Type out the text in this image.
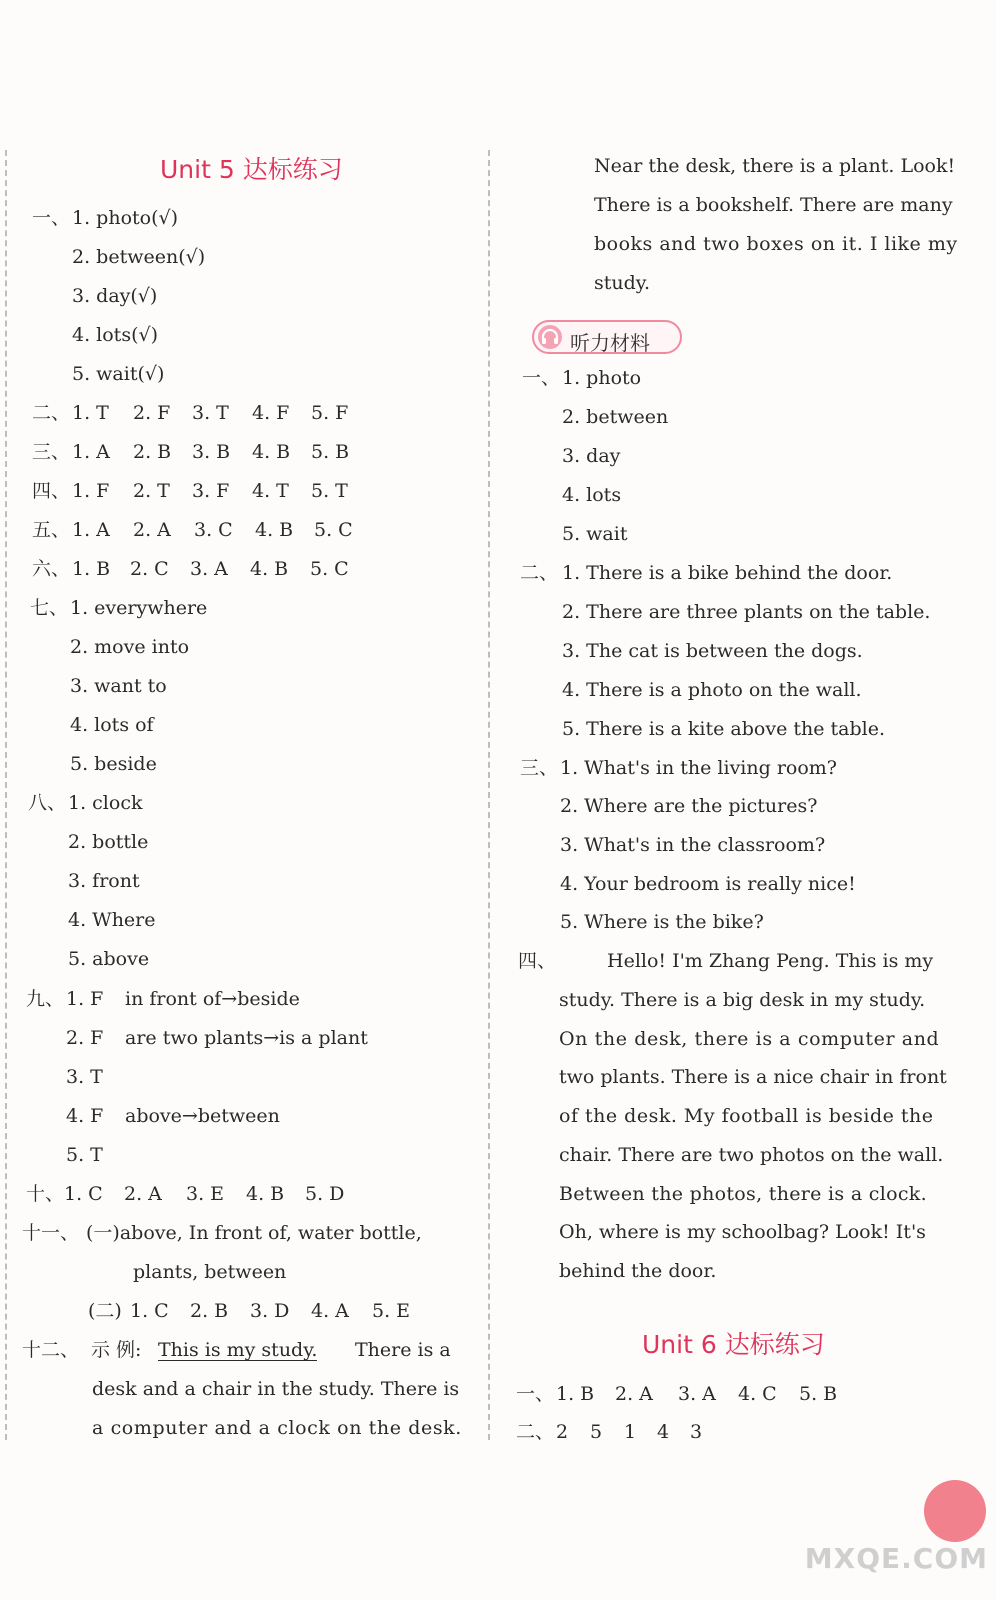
Unit 5 达标练习
一、 1. photo(√)
2. between(√)
3. day(√)
4. lots(√)
5. wait(√)
二、 1. T 2. F 3. T 4. F 5. F
三、 1. A 2. B 3. B 4. B 5. B
四、 1. F 2. T 3. F 4. T 5. T
五、 1. A 2. A 3. C 4. B 5. C
六、 1. B 2. C 3. A 4. B 5. C
七、 1. everywhere
2. move into
3. want to
4. lots of
5. beside
八、 1. clock
2. bottle
3. front
4. Where
5. above
九、 1. F in front of→beside
2. F are two plants→is a plant
3. T
4. F above→between
5. T
十、 1. C 2. A 3. E 4. B 5. D
十一、 (一)above, In front of, water bottle,
plants, between
(二) 1. C 2. B 3. D 4. A 5. E
十二、 示 例: This is my study. There is a
desk and a chair in the study. There is
a computer and a clock on the desk.
Near the desk, there is a plant. Look!
There is a bookshelf. There are many
books and two boxes on it. I like my
study.
听力材料
一、 1. photo
2. between
3. day
4. lots
5. wait
二、 1. There is a bike behind the door.
2. There are three plants on the table.
3. The cat is between the dogs.
4. There is a photo on the wall.
5. There is a kite above the table.
三、 1. What's in the living room?
2. Where are the pictures?
3. What's in the classroom?
4. Your bedroom is really nice!
5. Where is the bike?
四、	Hello! I'm Zhang Peng. This is my
study. There is a big desk in my study.
On the desk, there is a computer and
two plants. There is a nice chair in front
of the desk. My football is beside the
chair. There are two photos on the wall.
Between the photos, there is a clock.
Oh, where is my schoolbag? Look! It's
behind the door.
Unit 6 达标练习
一、 1. B 2. A 3. A 4. C 5. B
二、 2 5 1 4 3
MXQE.COM
